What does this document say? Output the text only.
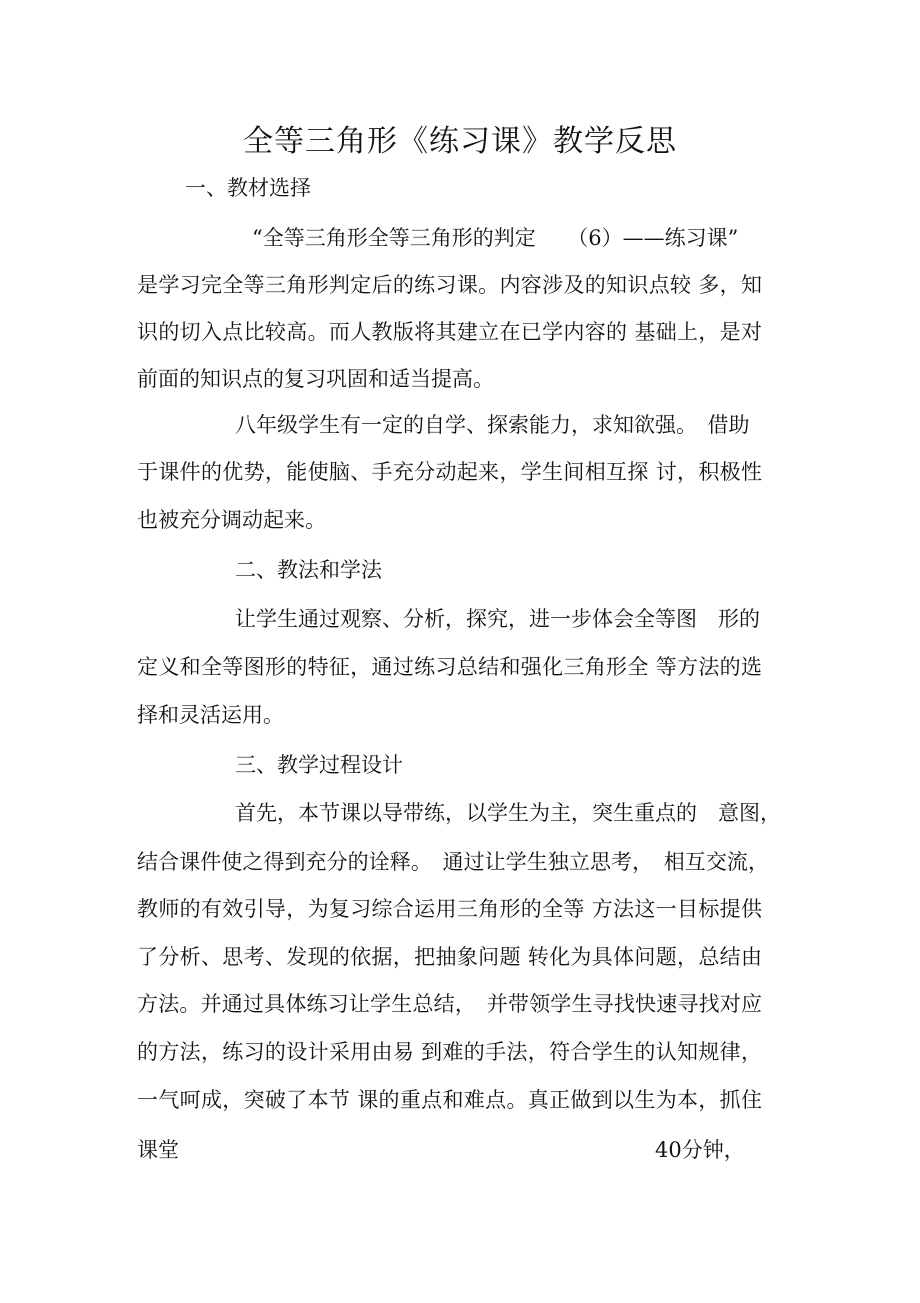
全等三角形《练习课》教学反思
一、教材选择
“全等三角形全等三角形的判定　　（6）——练习课”
是学习完全等三角形判定后的练习课。内容涉及的知识点较 多，知
识的切入点比较高。而人教版将其建立在已学内容的 基础上，是对
前面的知识点的复习巩固和适当提高。
八年级学生有一定的自学、探索能力，求知欲强。　借助
于课件的优势，能使脑、手充分动起来，学生间相互探 讨，积极性
也被充分调动起来。
二、教法和学法
让学生通过观察、分析，探究，进一步体会全等图　形的
定义和全等图形的特征，通过练习总结和强化三角形全 等方法的选
择和灵活运用。
三、教学过程设计
首先，本节课以导带练，以学生为主，突生重点的　意图，
结合课件使之得到充分的诠释。　通过让学生独立思考，　相互交流，
教师的有效引导，为复习综合运用三角形的全等 方法这一目标提供
了分析、思考、发现的依据，把抽象问题 转化为具体问题，总结由
方法。并通过具体练习让学生总结，　并带领学生寻找快速寻找对应
的方法，练习的设计采用由易 到难的手法，符合学生的认知规律，
一气呵成，突破了本节 课的重点和难点。真正做到以生为本，抓住
课堂	40分钟，
